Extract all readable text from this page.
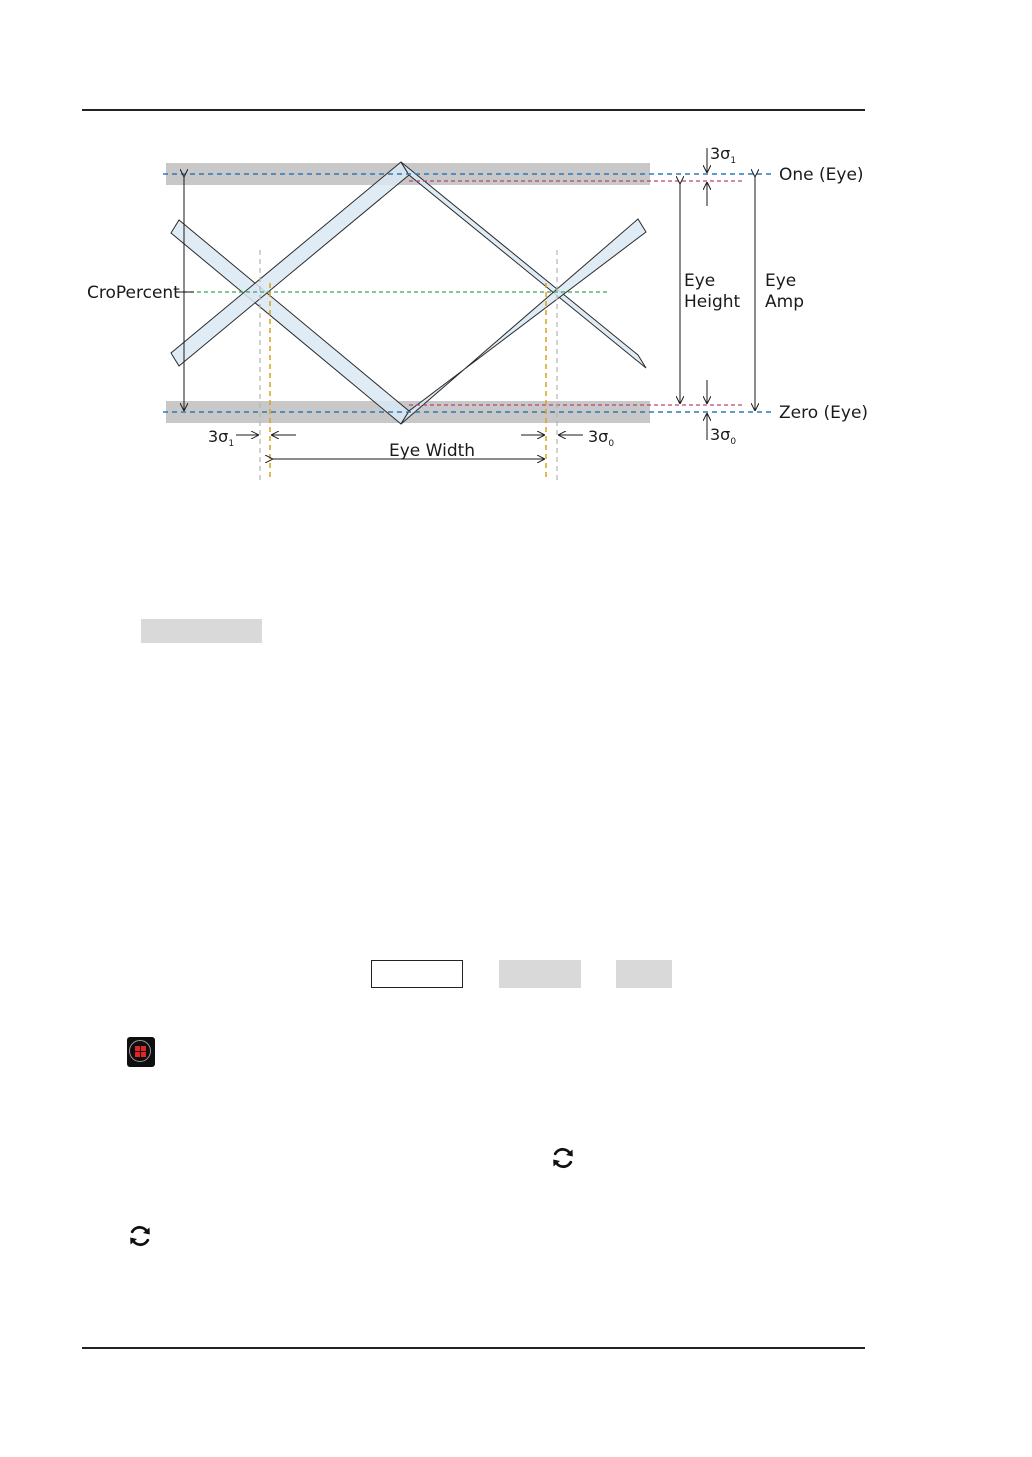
One (Eye)
Zero (Eye)
CroPercent
Eye
Height
Eye
Amp
Eye Width
$3\sigma_1$
$3\sigma_0$
$3\sigma_1$	$3\sigma_0$
